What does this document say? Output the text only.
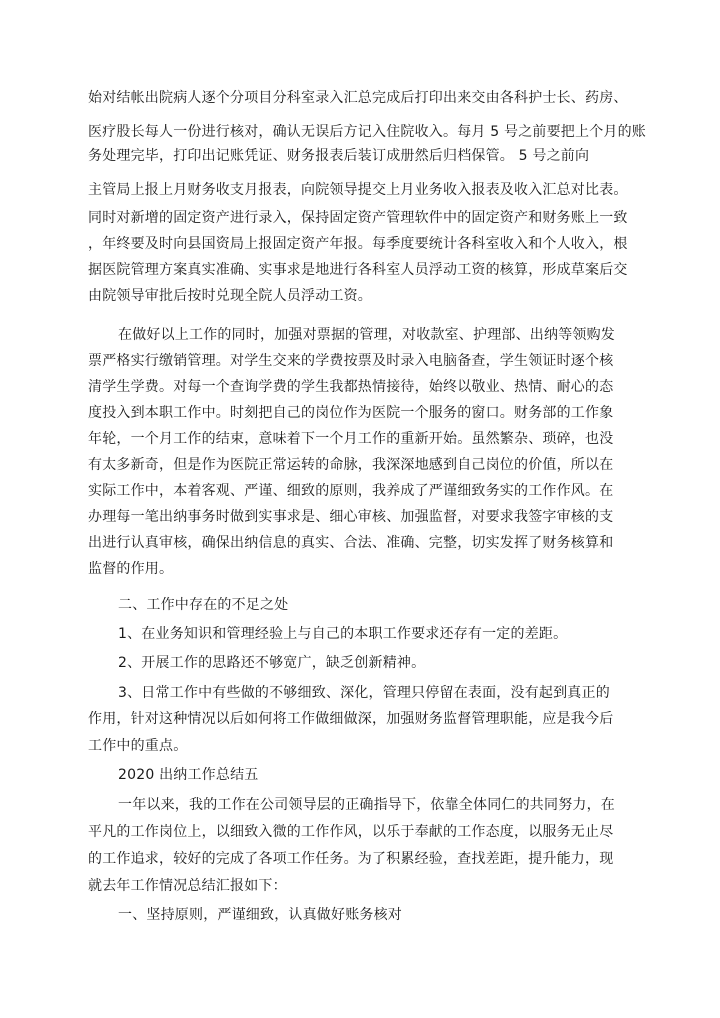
始对结帐出院病人逐个分项目分科室录入汇总完成后打印出来交由各科护士长、药房、
医疗股长每人一份进行核对，确认无误后方记入住院收入。每月 5 号之前要把上个月的账
务处理完毕，打印出记账凭证、财务报表后装订成册然后归档保管。 5 号之前向
主管局上报上月财务收支月报表，向院领导提交上月业务收入报表及收入汇总对比表。
同时对新增的固定资产进行录入，保持固定资产管理软件中的固定资产和财务账上一致
，年终要及时向县国资局上报固定资产年报。每季度要统计各科室收入和个人收入，根
据医院管理方案真实准确、实事求是地进行各科室人员浮动工资的核算，形成草案后交
由院领导审批后按时兑现全院人员浮动工资。
在做好以上工作的同时，加强对票据的管理，对收款室、护理部、出纳等领购发
票严格实行缴销管理。对学生交来的学费按票及时录入电脑备查，学生领证时逐个核
清学生学费。对每一个查询学费的学生我都热情接待，始终以敬业、热情、耐心的态
度投入到本职工作中。时刻把自己的岗位作为医院一个服务的窗口。财务部的工作象
年轮，一个月工作的结束，意味着下一个月工作的重新开始。虽然繁杂、琐碎，也没
有太多新奇，但是作为医院正常运转的命脉，我深深地感到自己岗位的价值，所以在
实际工作中，本着客观、严谨、细致的原则，我养成了严谨细致务实的工作作风。在
办理每一笔出纳事务时做到实事求是、细心审核、加强监督，对要求我签字审核的支
出进行认真审核，确保出纳信息的真实、合法、准确、完整，切实发挥了财务核算和
监督的作用。
二、工作中存在的不足之处
1、在业务知识和管理经验上与自己的本职工作要求还存有一定的差距。
2、开展工作的思路还不够宽广，缺乏创新精神。
3、日常工作中有些做的不够细致、深化，管理只停留在表面，没有起到真正的
作用，针对这种情况以后如何将工作做细做深，加强财务监督管理职能，应是我今后
工作中的重点。
2020 出纳工作总结五
一年以来，我的工作在公司领导层的正确指导下，依靠全体同仁的共同努力，在
平凡的工作岗位上，以细致入微的工作作风，以乐于奉献的工作态度，以服务无止尽
的工作追求，较好的完成了各项工作任务。为了积累经验，查找差距，提升能力，现
就去年工作情况总结汇报如下：
一、坚持原则，严谨细致，认真做好账务核对
